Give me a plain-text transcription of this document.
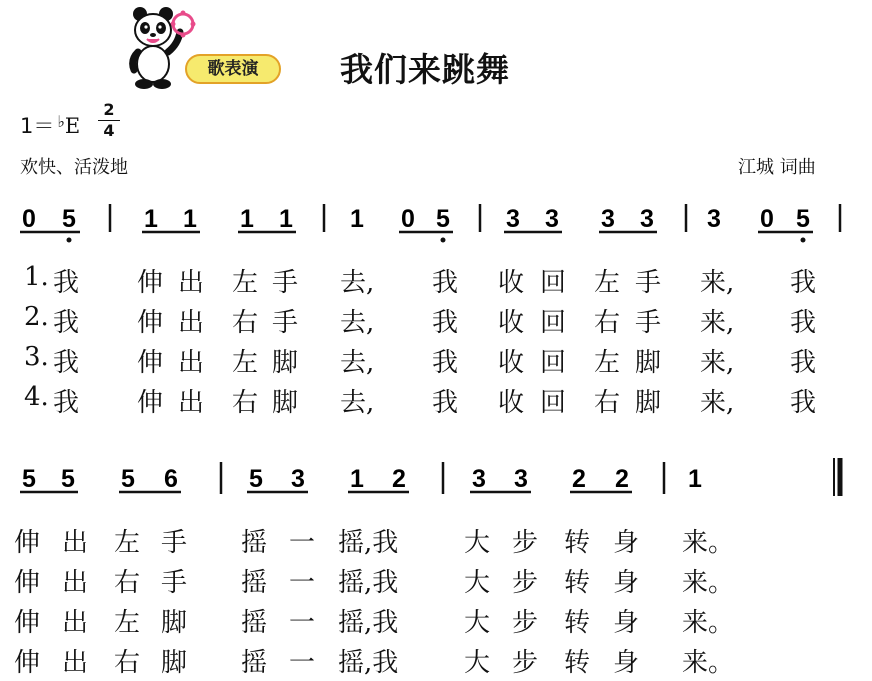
歌表演	我们来跳舞
$1= ^♭E \frac{2}{4}$
欢快、活泼地	江城 词曲
0 5	1 1 1 1 1 0 5 3 3 3 3 3 0 5
1. 我 伸 出 左 手 去, 我 收 回 左 手 来, 我
2. 我 伸 出 右 手 去, 我 收 回 右 手 来, 我
3. 我 伸 出 左 脚 去, 我 收 回 左 脚 来, 我
4. 我 伸 出 右 脚 去, 我 收 回 右 脚 来, 我
5 5 5 6	5 3 1 2	3 3 2 2 1
伸 出 左 手 摇 一 摇,我	大 步 转 身 来。
伸 出 右 手 摇 一 摇,我	大 步 转 身 来。
伸 出 左 脚 摇 一 摇,我	大 步 转 身 来。
伸 出 右 脚 摇 一 摇,我	大 步 转 身 来。
